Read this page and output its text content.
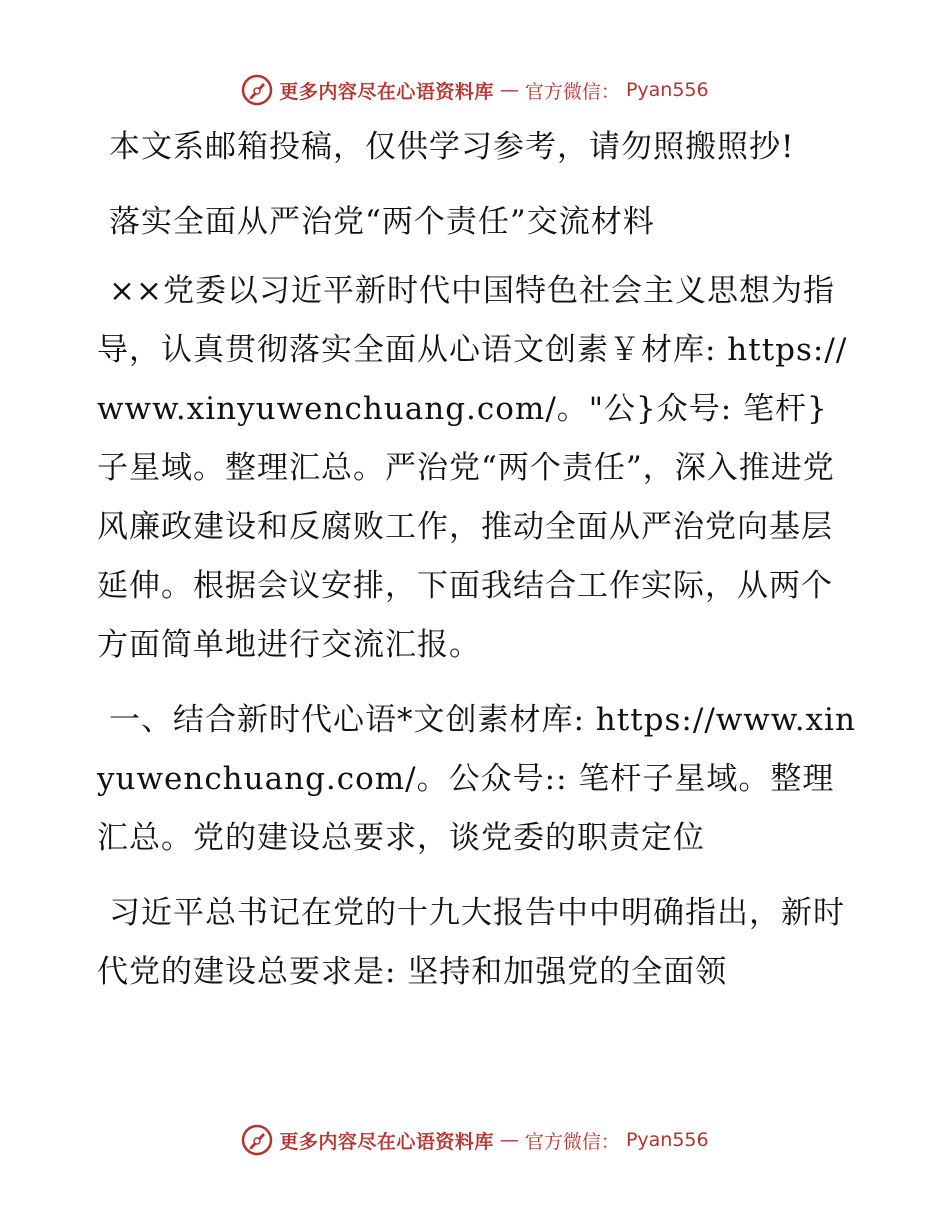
更多内容尽在心语资料库 — 官方微信： Pyan556

本文系邮箱投稿，仅供学习参考，请勿照搬照抄!

落实全面从严治党“两个责任”交流材料

××党委以习近平新时代中国特色社会主义思想为指导，认真贯彻落实全面从心语文创素￥材库: https://www.xinyuwenchuang.com/。"公}众号: 笔杆}子星域。整理汇总。严治党“两个责任”，深入推进党风廉政建设和反腐败工作，推动全面从严治党向基层延伸。根据会议安排，下面我结合工作实际，从两个方面简单地进行交流汇报。

一、结合新时代心语*文创素材库: https://www.xinyuwenchuang.com/。公众号:: 笔杆子星域。整理汇总。党的建设总要求，谈党委的职责定位

习近平总书记在党的十九大报告中中明确指出，新时代党的建设总要求是: 坚持和加强党的全面领

更多内容尽在心语资料库 — 官方微信： Pyan556
